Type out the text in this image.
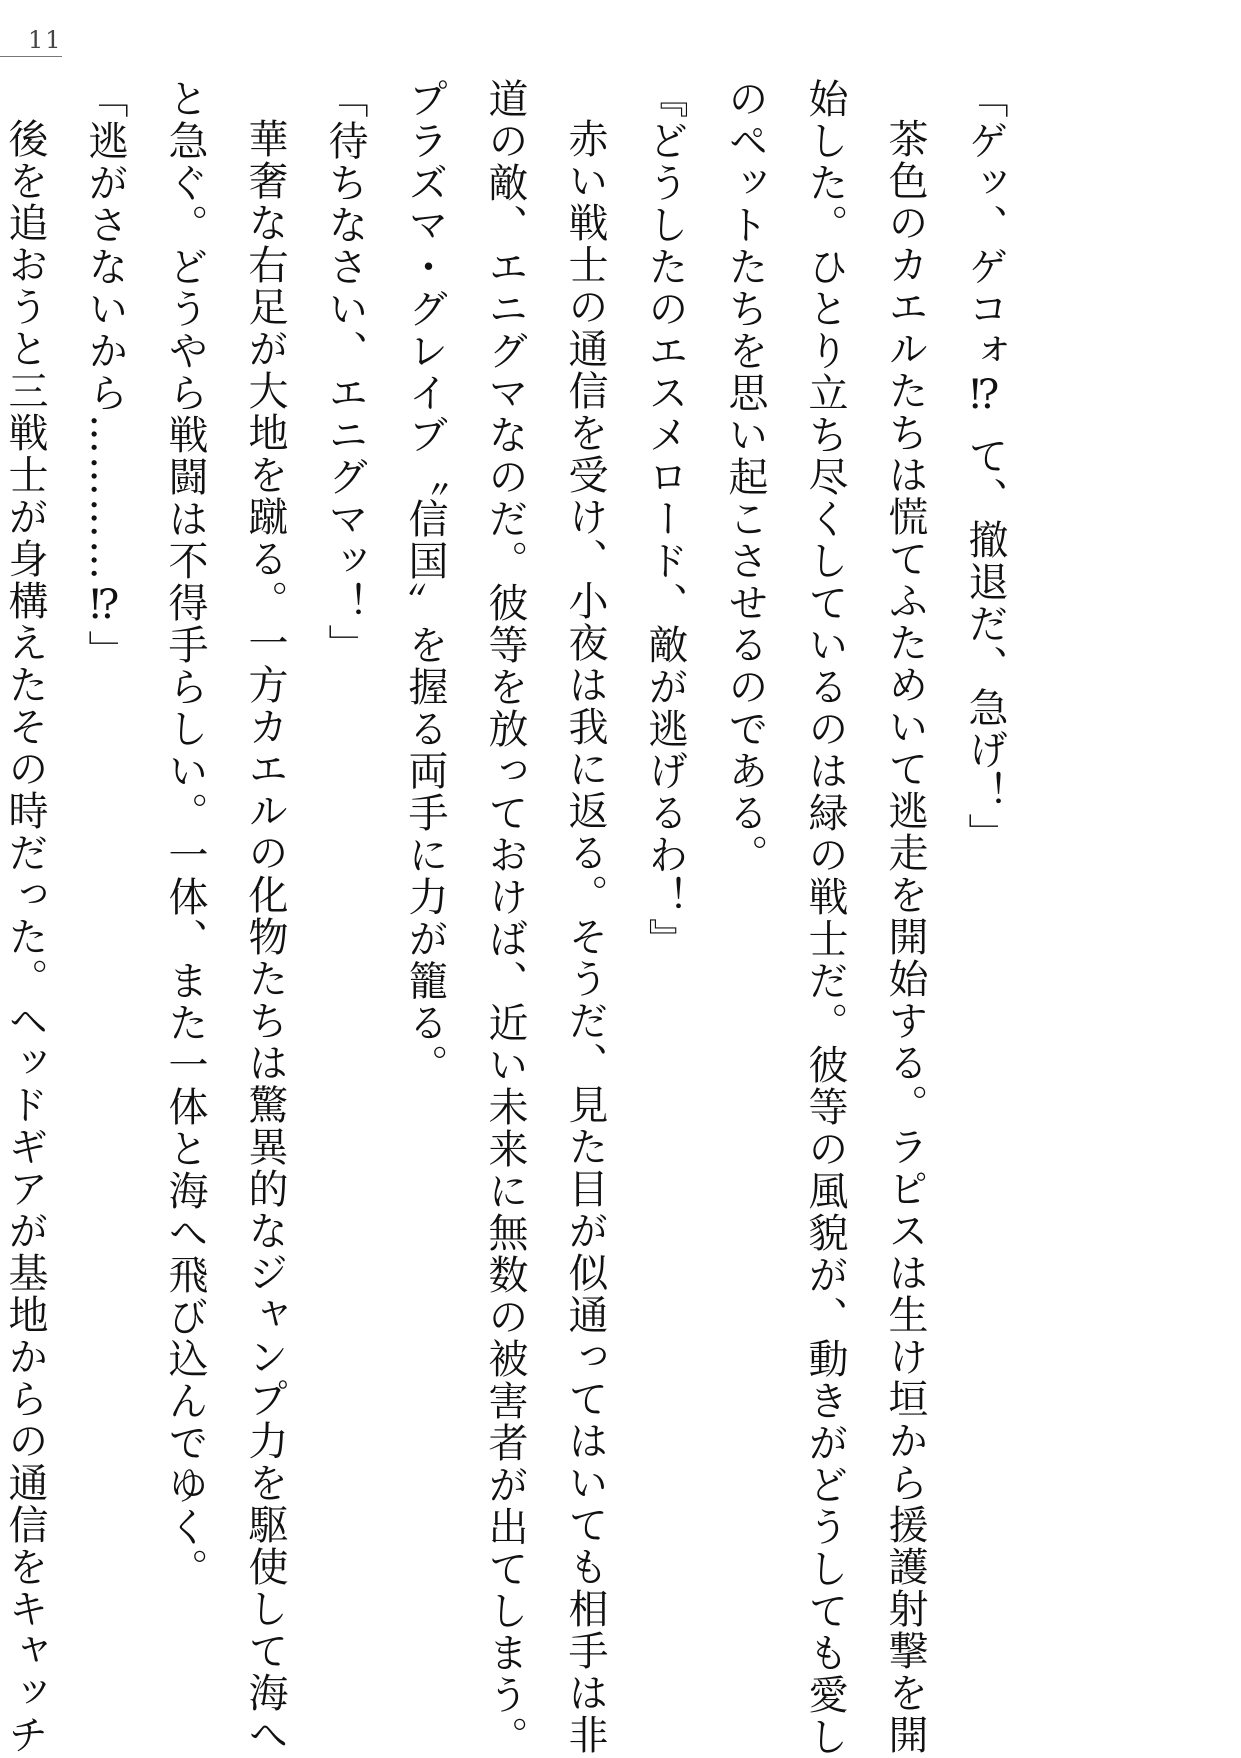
11
「ゲッ、ゲコォ⁉ て、撤退だ、急げ！」
茶色のカエルたちは慌てふためいて逃走を開始する。ラピスは生け垣から援護射撃を開
始した。ひとり立ち尽くしているのは緑の戦士だ。彼等の風貌が、動きがどうしても愛し
のペットたちを思い起こさせるのである。
『どうしたのエスメロード、敵が逃げるわ！』
赤い戦士の通信を受け、小夜は我に返る。そうだ、見た目が似通ってはいても相手は非
道の敵、エニグマなのだ。彼等を放っておけば、近い未来に無数の被害者が出てしまう。
プラズマ・グレイブ〝信国〟を握る両手に力が籠る。
「待ちなさい、エニグマッ！」
華奢な右足が大地を蹴る。一方カエルの化物たちは驚異的なジャンプ力を駆使して海へ
と急ぐ。どうやら戦闘は不得手らしい。一体、また一体と海へ飛び込んでゆく。
「逃がさないから…………⁉」
後を追おうと三戦士が身構えたその時だった。ヘッドギアが基地からの通信をキャッチ
